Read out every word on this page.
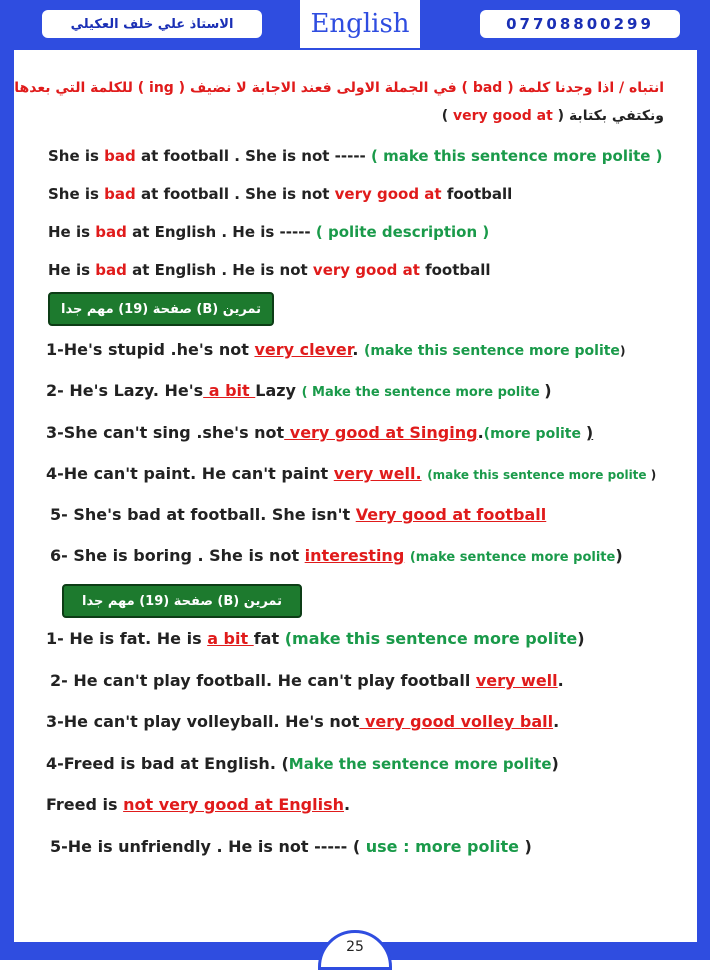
الاستاذ علي خلف العكيلي	English	07708800299
انتباه / اذا وجدنا كلمة ( bad ) في الجملة الاولى فعند الاجابة لا نضيف ( ing ) للكلمة التي بعدها
ونكتفي بكتابة ( very good at )
She is bad at football . She is not ----- ( make this sentence more polite )
She is bad at football . She is not very good at football
He is bad at English . He is ----- ( polite description )
He is bad at English . He is not very good at football
تمرين (B) صفحة (19) مهم جدا
1-He's stupid .he's not very clever. (make this sentence more polite)
2- He's Lazy. He's a bit Lazy ( Make the sentence more polite )
3-She can't sing .she's not very good at Singing.(more polite )
4-He can't paint. He can't paint very well. (make this sentence more polite )
5- She's bad at football. She isn't Very good at football
6- She is boring . She is not interesting (make sentence more polite)
تمرين (B) صفحة (19) مهم جدا
1- He is fat. He is a bit fat (make this sentence more polite)
2- He can't play football. He can't play football very well.
3-He can't play volleyball. He's not very good volley ball.
4-Freed is bad at English. (Make the sentence more polite)
Freed is not very good at English.
5-He is unfriendly . He is not ----- ( use : more polite )
25
